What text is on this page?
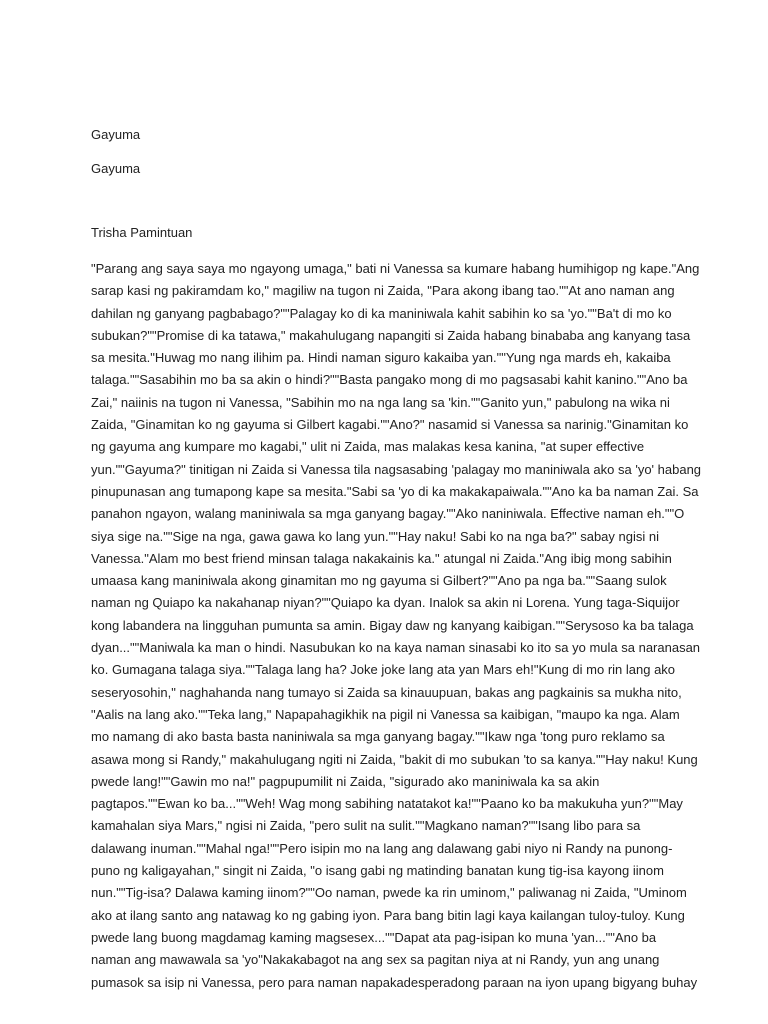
Gayuma
Gayuma
Trisha Pamintuan
"Parang ang saya saya mo ngayong umaga," bati ni Vanessa sa kumare habang humihigop ng kape."Ang
sarap kasi ng pakiramdam ko," magiliw na tugon ni Zaida, "Para akong ibang tao.""At ano naman ang
dahilan ng ganyang pagbabago?""Palagay ko di ka maniniwala kahit sabihin ko sa 'yo.""Ba't di mo ko
subukan?""Promise di ka tatawa," makahulugang napangiti si Zaida habang binababa ang kanyang tasa
sa mesita."Huwag mo nang ilihim pa. Hindi naman siguro kakaiba yan.""Yung nga mards eh, kakaiba
talaga.""Sasabihin mo ba sa akin o hindi?""Basta pangako mong di mo pagsasabi kahit kanino.""Ano ba
Zai," naiinis na tugon ni Vanessa, "Sabihin mo na nga lang sa 'kin.""Ganito yun," pabulong na wika ni
Zaida, "Ginamitan ko ng gayuma si Gilbert kagabi.""Ano?" nasamid si Vanessa sa narinig."Ginamitan ko
ng gayuma ang kumpare mo kagabi," ulit ni Zaida, mas malakas kesa kanina, "at super effective
yun.""Gayuma?" tinitigan ni Zaida si Vanessa tila nagsasabing 'palagay mo maniniwala ako sa 'yo' habang
pinupunasan ang tumapong kape sa mesita."Sabi sa 'yo di ka makakapaiwala.""Ano ka ba naman Zai. Sa
panahon ngayon, walang maniniwala sa mga ganyang bagay.""Ako naniniwala. Effective naman eh.""O
siya sige na.""Sige na nga, gawa gawa ko lang yun.""Hay naku! Sabi ko na nga ba?" sabay ngisi ni
Vanessa."Alam mo best friend minsan talaga nakakainis ka." atungal ni Zaida."Ang ibig mong sabihin
umaasa kang maniniwala akong ginamitan mo ng gayuma si Gilbert?""Ano pa nga ba.""Saang sulok
naman ng Quiapo ka nakahanap niyan?""Quiapo ka dyan. Inalok sa akin ni Lorena. Yung taga-Siquijor
kong labandera na lingguhan pumunta sa amin. Bigay daw ng kanyang kaibigan.""Serysoso ka ba talaga
dyan...""Maniwala ka man o hindi. Nasubukan ko na kaya naman sinasabi ko ito sa yo mula sa naranasan
ko. Gumagana talaga siya.""Talaga lang ha? Joke joke lang ata yan Mars eh!"Kung di mo rin lang ako
seseryosohin," naghahanda nang tumayo si Zaida sa kinauupuan, bakas ang pagkainis sa mukha nito,
"Aalis na lang ako.""Teka lang," Napapahagikhik na pigil ni Vanessa sa kaibigan, "maupo ka nga. Alam
mo namang di ako basta basta naniniwala sa mga ganyang bagay.""Ikaw nga 'tong puro reklamo sa
asawa mong si Randy," makahulugang ngiti ni Zaida, "bakit di mo subukan 'to sa kanya.""Hay naku! Kung
pwede lang!""Gawin mo na!" pagpupumilit ni Zaida, "sigurado ako maniniwala ka sa akin
pagtapos.""Ewan ko ba...""Weh! Wag mong sabihing natatakot ka!""Paano ko ba makukuha yun?""May
kamahalan siya Mars," ngisi ni Zaida, "pero sulit na sulit.""Magkano naman?""Isang libo para sa
dalawang inuman.""Mahal nga!""Pero isipin mo na lang ang dalawang gabi niyo ni Randy na punong-
puno ng kaligayahan," singit ni Zaida, "o isang gabi ng matinding banatan kung tig-isa kayong iinom
nun.""Tig-isa? Dalawa kaming iinom?""Oo naman, pwede ka rin uminom," paliwanag ni Zaida, "Uminom
ako at ilang santo ang natawag ko ng gabing iyon. Para bang bitin lagi kaya kailangan tuloy-tuloy. Kung
pwede lang buong magdamag kaming magsesex...""Dapat ata pag-isipan ko muna 'yan...""Ano ba
naman ang mawawala sa 'yo"Nakakabagot na ang sex sa pagitan niya at ni Randy, yun ang unang
pumasok sa isip ni Vanessa, pero para naman napakadesperadong paraan na iyon upang bigyang buhay
